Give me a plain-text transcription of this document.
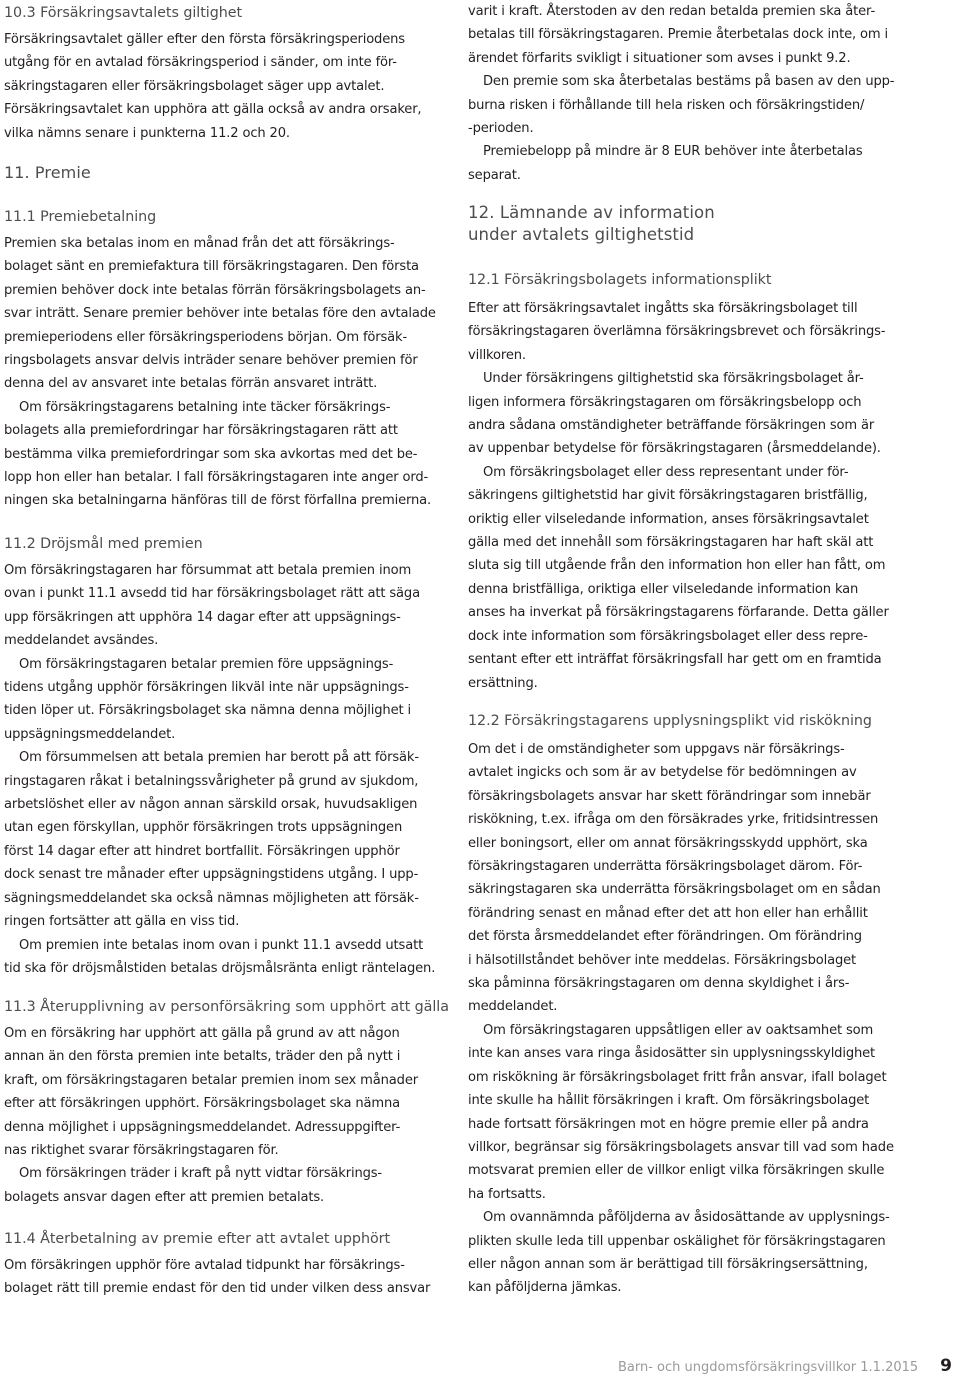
10.3 Försäkringsavtalets giltighet

Försäkringsavtalet gäller efter den första försäkringsperiodens
utgång för en avtalad försäkringsperiod i sänder, om inte för-
säkringstagaren eller försäkringsbolaget säger upp avtalet.
Försäkringsavtalet kan upphöra att gälla också av andra orsaker,
vilka nämns senare i punkterna 11.2 och 20.

11. Premie
11.1 Premiebetalning

Premien ska betalas inom en månad från det att försäkrings-
bolaget sänt en premiefaktura till försäkringstagaren. Den första
premien behöver dock inte betalas förrän försäkringsbolagets an-
svar inträtt. Senare premier behöver inte betalas före den avtalade
premieperiodens eller försäkringsperiodens början. Om försäk-
ringsbolagets ansvar delvis inträder senare behöver premien för
denna del av ansvaret inte betalas förrän ansvaret inträtt.

Om försäkringstagarens betalning inte täcker försäkrings-
bolagets alla premiefordringar har försäkringstagaren rätt att
bestämma vilka premiefordringar som ska avkortas med det be-
lopp hon eller han betalar. I fall försäkringstagaren inte anger ord-
ningen ska betalningarna hänföras till de först förfallna premierna.

11.2 Dröjsmål med premien

Om försäkringstagaren har försummat att betala premien inom
ovan i punkt 11.1 avsedd tid har försäkringsbolaget rätt att säga
upp försäkringen att upphöra 14 dagar efter att uppsägnings-
meddelandet avsändes.

Om försäkringstagaren betalar premien före uppsägnings-
tidens utgång upphör försäkringen likväl inte när uppsägnings-
tiden löper ut. Försäkringsbolaget ska nämna denna möjlighet i
uppsägningsmeddelandet.

Om försummelsen att betala premien har berott på att försäk-
ringstagaren råkat i betalningssvårigheter på grund av sjukdom,
arbetslöshet eller av någon annan särskild orsak, huvudsakligen
utan egen förskyllan, upphör försäkringen trots uppsägningen
först 14 dagar efter att hindret bortfallit. Försäkringen upphör
dock senast tre månader efter uppsägningstidens utgång. I upp-
sägningsmeddelandet ska också nämnas möjligheten att försäk-
ringen fortsätter att gälla en viss tid.

Om premien inte betalas inom ovan i punkt 11.1 avsedd utsatt
tid ska för dröjsmålstiden betalas dröjsmålsränta enligt räntelagen.

11.3 Återupplivning av personförsäkring som upphört att gälla

Om en försäkring har upphört att gälla på grund av att någon
annan än den första premien inte betalts, träder den på nytt i
kraft, om försäkringstagaren betalar premien inom sex månader
efter att försäkringen upphört. Försäkringsbolaget ska nämna
denna möjlighet i uppsägningsmeddelandet. Adressuppgifter-
nas riktighet svarar försäkringstagaren för.

Om försäkringen träder i kraft på nytt vidtar försäkrings-
bolagets ansvar dagen efter att premien betalats.

11.4 Återbetalning av premie efter att avtalet upphört

Om försäkringen upphör före avtalad tidpunkt har försäkrings-
bolaget rätt till premie endast för den tid under vilken dess ansvar

varit i kraft. Återstoden av den redan betalda premien ska åter-
betalas till försäkringstagaren. Premie återbetalas dock inte, om i
ärendet förfarits svikligt i situationer som avses i punkt 9.2.

Den premie som ska återbetalas bestäms på basen av den upp-
burna risken i förhållande till hela risken och försäkringstiden/
-perioden.

Premiebelopp på mindre är 8 EUR behöver inte återbetalas
separat.

12. Lämnande av information
under avtalets giltighetstid
12.1 Försäkringsbolagets informationsplikt

Efter att försäkringsavtalet ingåtts ska försäkringsbolaget till
försäkringstagaren överlämna försäkringsbrevet och försäkrings-
villkoren.

Under försäkringens giltighetstid ska försäkringsbolaget år-
ligen informera försäkringstagaren om försäkringsbelopp och
andra sådana omständigheter beträffande försäkringen som är
av uppenbar betydelse för försäkringstagaren (årsmeddelande).

Om försäkringsbolaget eller dess representant under för-
säkringens giltighetstid har givit försäkringstagaren bristfällig,
oriktig eller vilseledande information, anses försäkringsavtalet
gälla med det innehåll som försäkringstagaren har haft skäl att
sluta sig till utgående från den information hon eller han fått, om
denna bristfälliga, oriktiga eller vilseledande information kan
anses ha inverkat på försäkringstagarens förfarande. Detta gäller
dock inte information som försäkringsbolaget eller dess repre-
sentant efter ett inträffat försäkringsfall har gett om en framtida
ersättning.

12.2 Försäkringstagarens upplysningsplikt vid riskökning

Om det i de omständigheter som uppgavs när försäkrings-
avtalet ingicks och som är av betydelse för bedömningen av
försäkringsbolagets ansvar har skett förändringar som innebär
riskökning, t.ex. ifråga om den försäkrades yrke, fritidsintressen
eller boningsort, eller om annat försäkringsskydd upphört, ska
försäkringstagaren underrätta försäkringsbolaget därom. För-
säkringstagaren ska underrätta försäkringsbolaget om en sådan
förändring senast en månad efter det att hon eller han erhållit
det första årsmeddelandet efter förändringen. Om förändring
i hälsotillståndet behöver inte meddelas. Försäkringsbolaget
ska påminna försäkringstagaren om denna skyldighet i års-
meddelandet.

Om försäkringstagaren uppsåtligen eller av oaktsamhet som
inte kan anses vara ringa åsidosätter sin upplysningsskyldighet
om riskökning är försäkringsbolaget fritt från ansvar, ifall bolaget
inte skulle ha hållit försäkringen i kraft. Om försäkringsbolaget
hade fortsatt försäkringen mot en högre premie eller på andra
villkor, begränsar sig försäkringsbolagets ansvar till vad som hade
motsvarat premien eller de villkor enligt vilka försäkringen skulle
ha fortsatts.

Om ovannämnda påföljderna av åsidosättande av upplysnings-
plikten skulle leda till uppenbar oskälighet för försäkringstagaren
eller någon annan som är berättigad till försäkringsersättning,
kan påföljderna jämkas.

Barn- och ungdomsförsäkringsvillkor 1.1.2015 9
